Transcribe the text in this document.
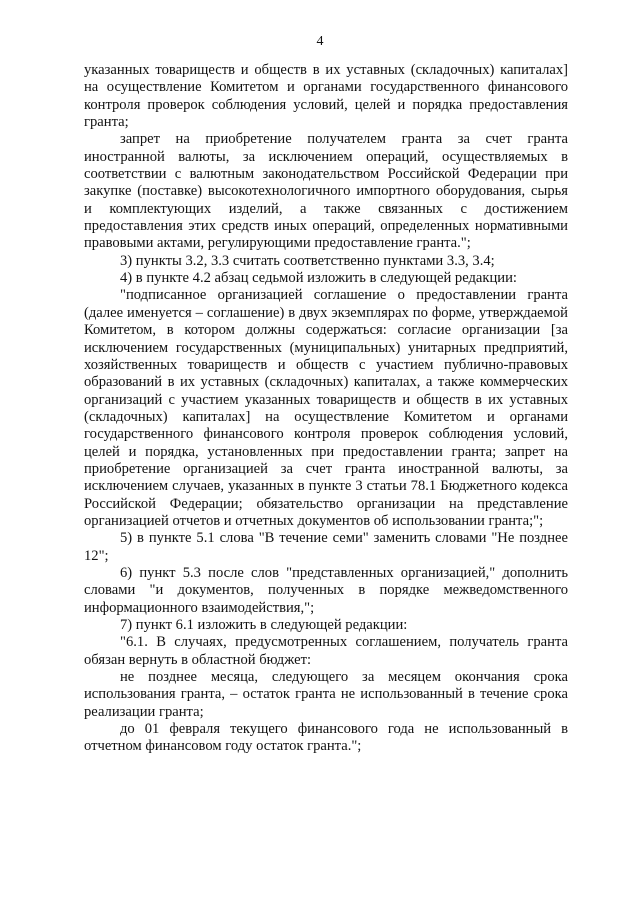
4

указанных товариществ и обществ в их уставных (складочных) капиталах] на осуществление Комитетом и органами государственного финансового контроля проверок соблюдения условий, целей и порядка предоставления гранта;

запрет на приобретение получателем гранта за счет гранта иностранной валюты, за исключением операций, осуществляемых в соответствии с валютным законодательством Российской Федерации при закупке (поставке) высокотехнологичного импортного оборудования, сырья и комплектующих изделий, а также связанных с достижением предоставления этих средств иных операций, определенных нормативными правовыми актами, регулирующими предоставление гранта.";

3) пункты 3.2, 3.3 считать соответственно пунктами 3.3, 3.4;

4) в пункте 4.2 абзац седьмой изложить в следующей редакции:

"подписанное организацией соглашение о предоставлении гранта (далее именуется – соглашение) в двух экземплярах по форме, утверждаемой Комитетом, в котором должны содержаться: согласие организации [за исключением государственных (муниципальных) унитарных предприятий, хозяйственных товариществ и обществ с участием публично-правовых образований в их уставных (складочных) капиталах, а также коммерческих организаций с участием указанных товариществ и обществ в их уставных (складочных) капиталах] на осуществление Комитетом и органами государственного финансового контроля проверок соблюдения условий, целей и порядка, установленных при предоставлении гранта; запрет на приобретение организацией за счет гранта иностранной валюты, за исключением случаев, указанных в пункте 3 статьи 78.1 Бюджетного кодекса Российской Федерации; обязательство организации на представление организацией отчетов и отчетных документов об использовании гранта;";

5) в пункте 5.1 слова "В течение семи" заменить словами "Не позднее 12";

6) пункт 5.3 после слов "представленных организацией," дополнить словами "и документов, полученных в порядке межведомственного информационного взаимодействия,";

7) пункт 6.1 изложить в следующей редакции:

"6.1. В случаях, предусмотренных соглашением, получатель гранта обязан вернуть в областной бюджет:

не позднее месяца, следующего за месяцем окончания срока использования гранта, – остаток гранта не использованный в течение срока реализации гранта;

до 01 февраля текущего финансового года не использованный в отчетном финансовом году остаток гранта.";
